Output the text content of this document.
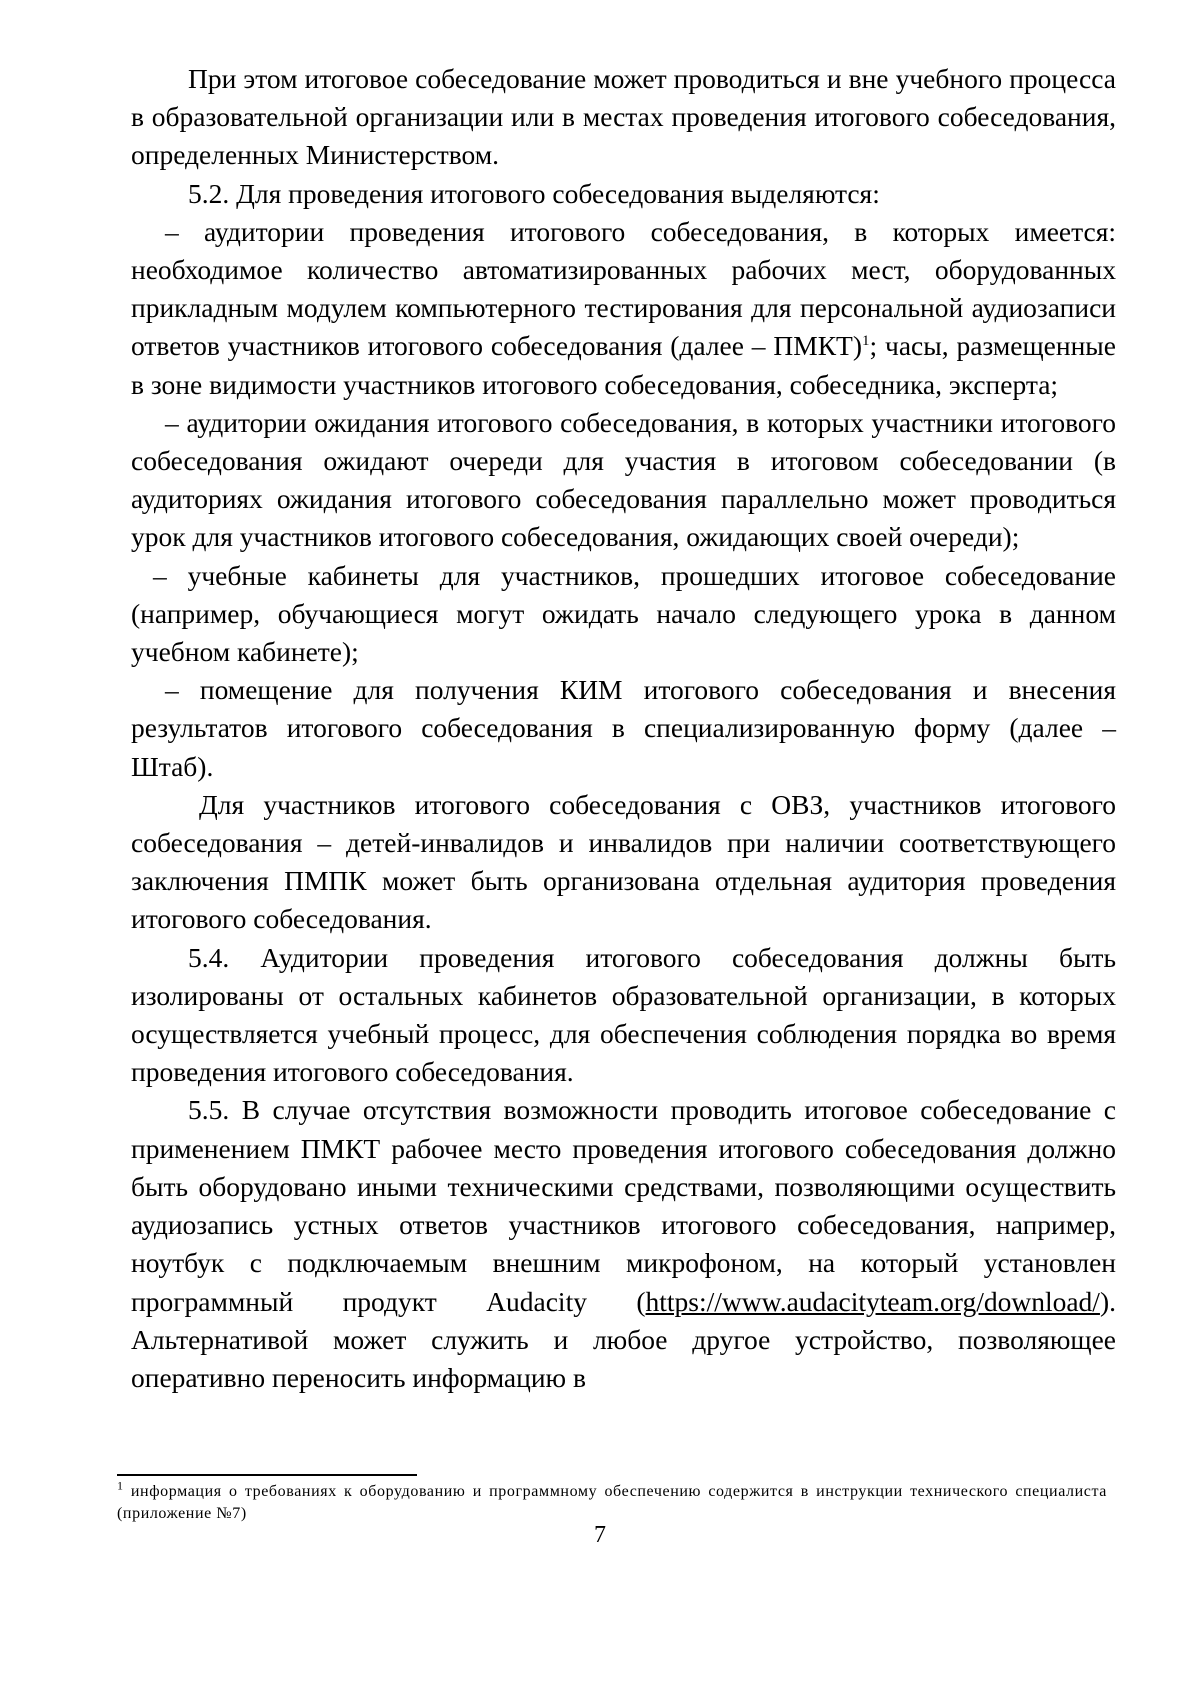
При этом итоговое собеседование может проводиться и вне учебного процесса в образовательной организации или в местах проведения итогового собеседования, определенных Министерством.

5.2. Для проведения итогового собеседования выделяются:

– аудитории проведения итогового собеседования, в которых имеется: необходимое количество автоматизированных рабочих мест, оборудованных прикладным модулем компьютерного тестирования для персональной аудиозаписи ответов участников итогового собеседования (далее – ПМКТ)$^1$; часы, размещенные в зоне видимости участников итогового собеседования, собеседника, эксперта;

– аудитории ожидания итогового собеседования, в которых участники итогового собеседования ожидают очереди для участия в итоговом собеседовании (в аудиториях ожидания итогового собеседования параллельно может проводиться урок для участников итогового собеседования, ожидающих своей очереди);

– учебные кабинеты для участников, прошедших итоговое собеседование (например, обучающиеся могут ожидать начало следующего урока в данном учебном кабинете);

– помещение для получения КИМ итогового собеседования и внесения результатов итогового собеседования в специализированную форму (далее – Штаб).

Для участников итогового собеседования с ОВЗ, участников итогового собеседования – детей-инвалидов и инвалидов при наличии соответствующего заключения ПМПК может быть организована отдельная аудитория проведения итогового собеседования.

5.4. Аудитории проведения итогового собеседования должны быть изолированы от остальных кабинетов образовательной организации, в которых осуществляется учебный процесс, для обеспечения соблюдения порядка во время проведения итогового собеседования.

5.5. В случае отсутствия возможности проводить итоговое собеседование с применением ПМКТ рабочее место проведения итогового собеседования должно быть оборудовано иными техническими средствами, позволяющими осуществить аудиозапись устных ответов участников итогового собеседования, например, ноутбук с подключаемым внешним микрофоном, на который установлен программный продукт Audacity (https://www.audacityteam.org/download/). Альтернативой может служить и любое другое устройство, позволяющее оперативно переносить информацию в

$^1$ информация о требованиях к оборудованию и программному обеспечению содержится в инструкции технического специалиста (приложение №7)

7
